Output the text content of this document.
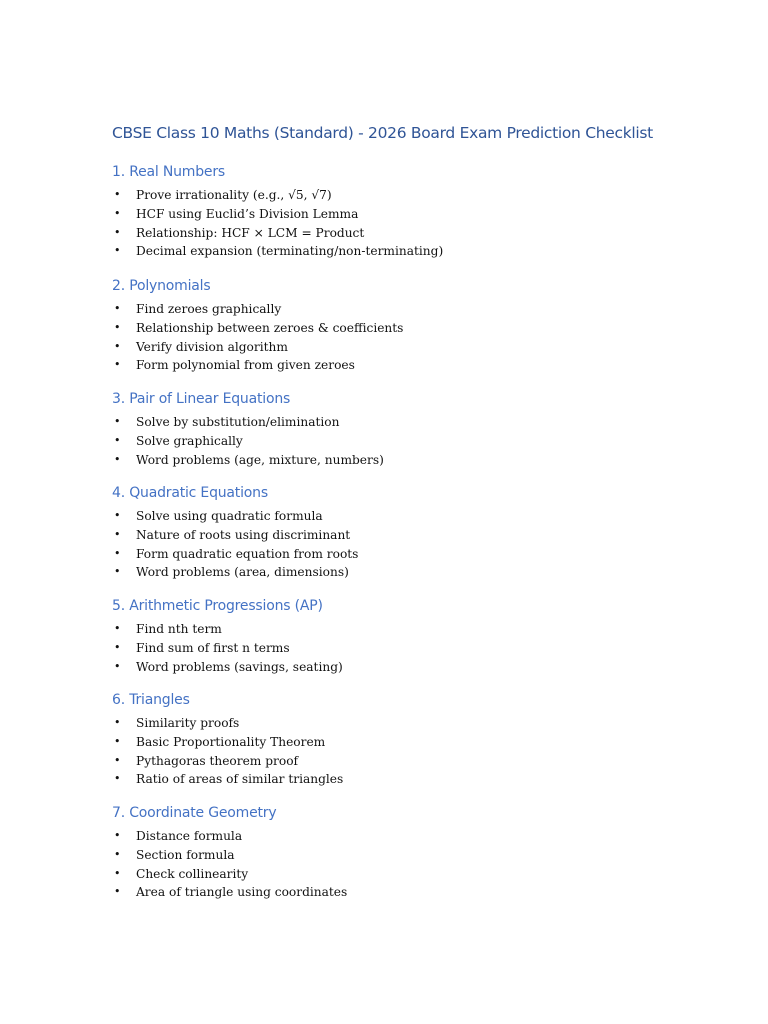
CBSE Class 10 Maths (Standard) - 2026 Board Exam Prediction Checklist
1. Real Numbers
• Prove irrationality (e.g., √5, √7)
• HCF using Euclid’s Division Lemma
• Relationship: HCF × LCM = Product
• Decimal expansion (terminating/non-terminating)
2. Polynomials
• Find zeroes graphically
• Relationship between zeroes & coefficients
• Verify division algorithm
• Form polynomial from given zeroes
3. Pair of Linear Equations
• Solve by substitution/elimination
• Solve graphically
• Word problems (age, mixture, numbers)
4. Quadratic Equations
• Solve using quadratic formula
• Nature of roots using discriminant
• Form quadratic equation from roots
• Word problems (area, dimensions)
5. Arithmetic Progressions (AP)
• Find nth term
• Find sum of first n terms
• Word problems (savings, seating)
6. Triangles
• Similarity proofs
• Basic Proportionality Theorem
• Pythagoras theorem proof
• Ratio of areas of similar triangles
7. Coordinate Geometry
• Distance formula
• Section formula
• Check collinearity
• Area of triangle using coordinates
